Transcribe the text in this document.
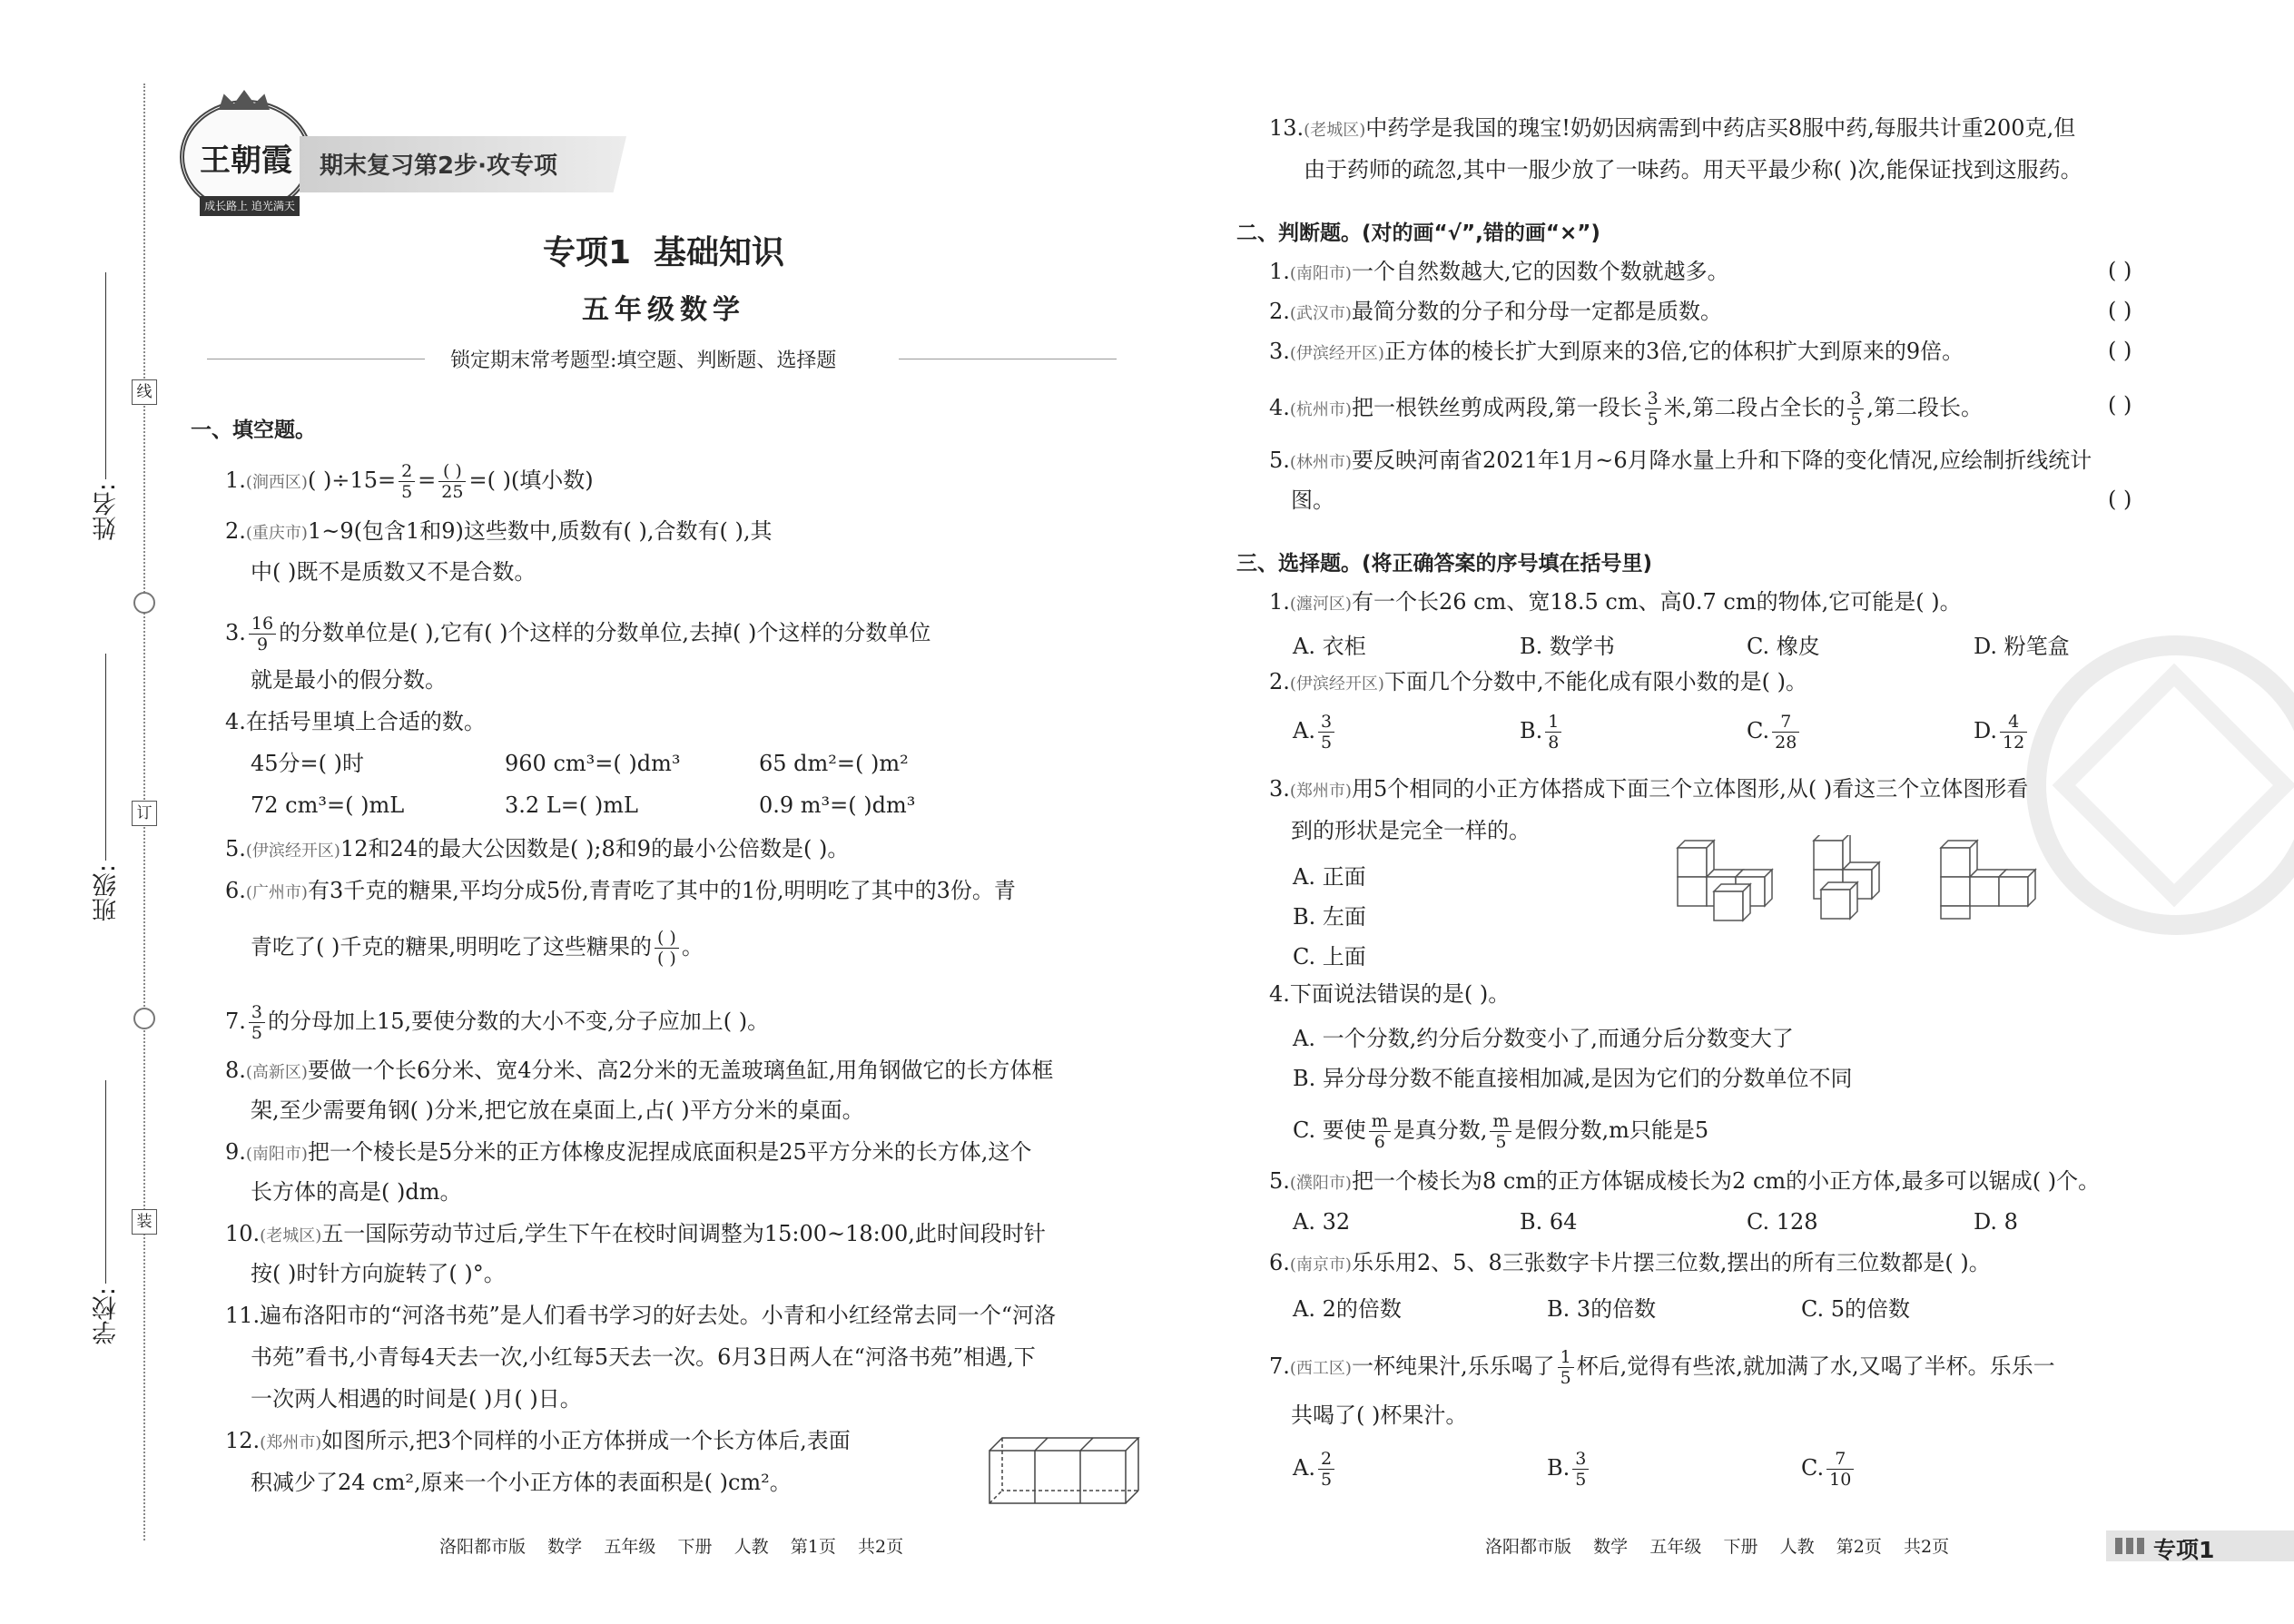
线
订
装
姓名:
班级:
学校:
王朝霞
成长路上 追光满天
期末复习第2步·攻专项
专项1  基础知识
五年级数学
锁定期末常考题型:填空题、判断题、选择题
一、填空题。
1.(涧西区)( )$\div 15= \frac{2}{5} = \frac{( )}{25}$ =( )(填小数)
2.(重庆市)1~9(包含1和9)这些数中,质数有( ),合数有( ),其
中( )既不是质数又不是合数。
3. $\frac{16}{9}$ 的分数单位是( ),它有( )个这样的分数单位,去掉( )个这样的分数单位
就是最小的假分数。
4.在括号里填上合适的数。
45分=( )时	960 cm³=( )dm³	65 dm²=( )m²
72 cm³=( )mL	3.2 L=( )mL	0.9 m³=( )dm³
5.(伊滨经开区)12和24的最大公因数是( );8和9的最小公倍数是( )。
6.(广州市)有3千克的糖果,平均分成5份,青青吃了其中的1份,明明吃了其中的3份。青
青吃了( )千克的糖果,明明吃了这些糖果的 $\frac{( )}{( )}$ 。
7. $\frac{3}{5}$ 的分母加上15,要使分数的大小不变,分子应加上( )。
8.(高新区)要做一个长6分米、宽4分米、高2分米的无盖玻璃鱼缸,用角钢做它的长方体框
架,至少需要角钢( )分米,把它放在桌面上,占( )平方分米的桌面。
9.(南阳市)把一个棱长是5分米的正方体橡皮泥捏成底面积是25平方分米的长方体,这个
长方体的高是( )dm。
10.(老城区)五一国际劳动节过后,学生下午在校时间调整为15:00~18:00,此时间段时针
按( )时针方向旋转了( )°。
11.遍布洛阳市的“河洛书苑”是人们看书学习的好去处。小青和小红经常去同一个“河洛
书苑”看书,小青每4天去一次,小红每5天去一次。6月3日两人在“河洛书苑”相遇,下
一次两人相遇的时间是( )月( )日。
12.(郑州市)如图所示,把3个同样的小正方体拼成一个长方体后,表面
积减少了24 cm²,原来一个小正方体的表面积是( )cm²。
13.(老城区)中药学是我国的瑰宝!奶奶因病需到中药店买8服中药,每服共计重200克,但
由于药师的疏忽,其中一服少放了一味药。用天平最少称( )次,能保证找到这服药。
二、判断题。(对的画“√”,错的画“×”)
1.(南阳市)一个自然数越大,它的因数个数就越多。	( )
2.(武汉市)最简分数的分子和分母一定都是质数。	( )
3.(伊滨经开区)正方体的棱长扩大到原来的3倍,它的体积扩大到原来的9倍。	( )
4.(杭州市)把一根铁丝剪成两段,第一段长 $\frac{3}{5}$ 米,第二段占全长的 $\frac{3}{5}$ ,第二段长。	( )
5.(林州市)要反映河南省2021年1月~6月降水量上升和下降的变化情况,应绘制折线统计
图。	( )
三、选择题。(将正确答案的序号填在括号里)
1.(瀍河区)有一个长26 cm、宽18.5 cm、高0.7 cm的物体,它可能是( )。
A. 衣柜	B. 数学书	C. 橡皮	D. 粉笔盒
2.(伊滨经开区)下面几个分数中,不能化成有限小数的是( )。
A. $\frac{3}{5}$	B. $\frac{1}{8}$	C. $\frac{7}{28}$	D. $\frac{4}{12}$
3.(郑州市)用5个相同的小正方体搭成下面三个立体图形,从( )看这三个立体图形看
到的形状是完全一样的。
A. 正面
B. 左面
C. 上面
4.下面说法错误的是( )。
A. 一个分数,约分后分数变小了,而通分后分数变大了
B. 异分母分数不能直接相加减,是因为它们的分数单位不同
C. 要使 $\frac{m}{6}$ 是真分数, $\frac{m}{5}$ 是假分数,m只能是5
5.(濮阳市)把一个棱长为8 cm的正方体锯成棱长为2 cm的小正方体,最多可以锯成( )个。
A. 32	B. 64	C. 128	D. 8
6.(南京市)乐乐用2、5、8三张数字卡片摆三位数,摆出的所有三位数都是( )。
A. 2的倍数	B. 3的倍数	C. 5的倍数
7.(西工区)一杯纯果汁,乐乐喝了 $\frac{1}{5}$ 杯后,觉得有些浓,就加满了水,又喝了半杯。乐乐一
共喝了( )杯果汁。
A. $\frac{2}{5}$	B. $\frac{3}{5}$	C. $\frac{7}{10}$
洛阳都市版    数学    五年级    下册    人教    第1页    共2页	洛阳都市版    数学    五年级    下册    人教    第2页    共2页	专项1
